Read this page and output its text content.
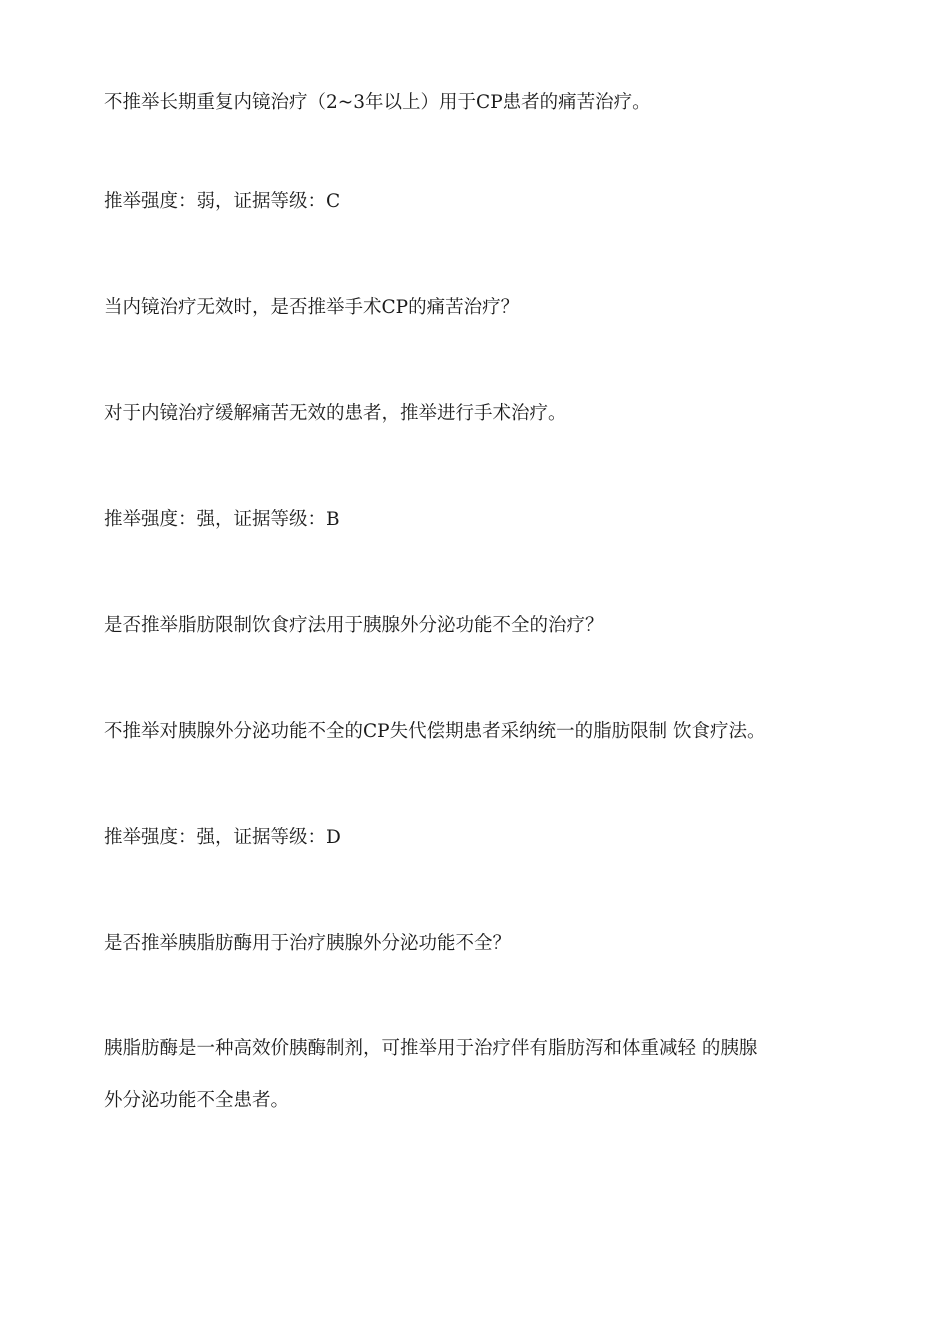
不推举长期重复内镜治疗（2~3年以上）用于CP患者的痛苦治疗。

推举强度：弱，证据等级：C

当内镜治疗无效时，是否推举手术CP的痛苦治疗？

对于内镜治疗缓解痛苦无效的患者，推举进行手术治疗。

推举强度：强，证据等级：B

是否推举脂肪限制饮食疗法用于胰腺外分泌功能不全的治疗？

不推举对胰腺外分泌功能不全的CP失代偿期患者采纳统一的脂肪限制 饮食疗法。

推举强度：强，证据等级：D

是否推举胰脂肪酶用于治疗胰腺外分泌功能不全？

胰脂肪酶是一种高效价胰酶制剂，可推举用于治疗伴有脂肪泻和体重减轻 的胰腺

外分泌功能不全患者。
